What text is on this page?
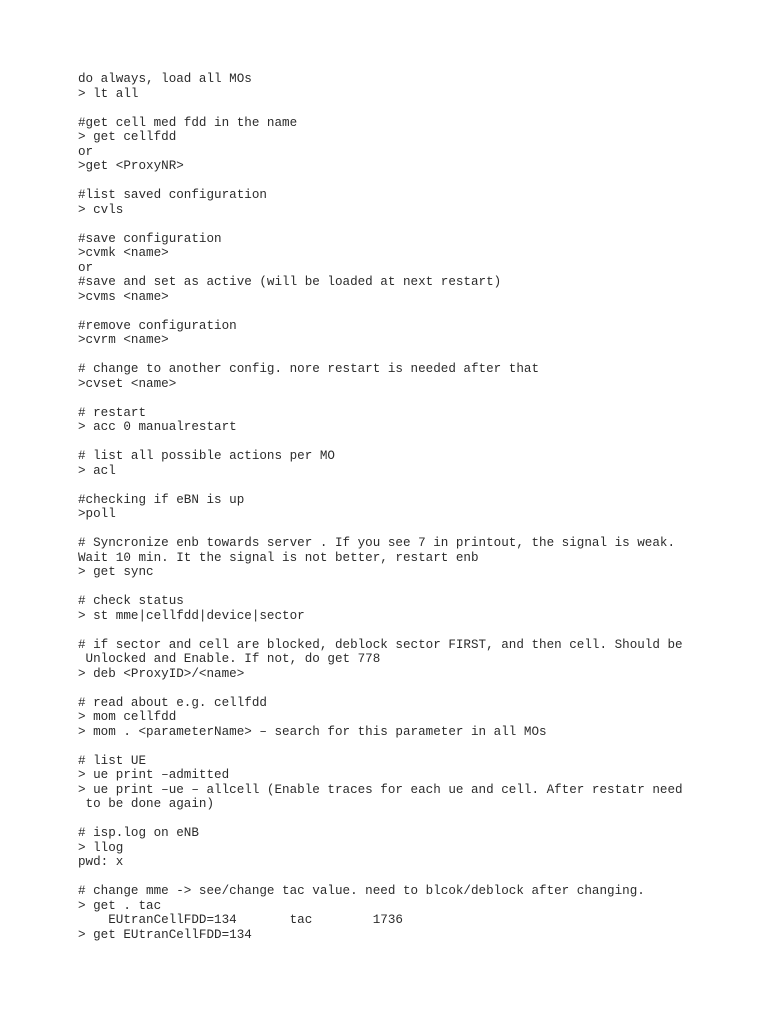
do always, load all MOs
> lt all
#get cell med fdd in the name
> get cellfdd
or
>get <ProxyNR>
#list saved configuration
> cvls
#save configuration
>cvmk <name>
or
#save and set as active (will be loaded at next restart)
>cvms <name>
#remove configuration
>cvrm <name>
# change to another config. nore restart is needed after that
>cvset <name>
# restart
> acc 0 manualrestart
# list all possible actions per MO
> acl
#checking if eBN is up
>poll
# Syncronize enb towards server . If you see 7 in printout, the signal is weak.
Wait 10 min. It the signal is not better, restart enb
> get sync
# check status
> st mme|cellfdd|device|sector
# if sector and cell are blocked, deblock sector FIRST, and then cell. Should be
Unlocked and Enable. If not, do get 778
> deb <ProxyID>/<name>
# read about e.g. cellfdd
> mom cellfdd
> mom . <parameterName> – search for this parameter in all MOs
# list UE
> ue print –admitted
> ue print –ue – allcell (Enable traces for each ue and cell. After restatr need
to be done again)
# isp.log on eNB
> llog
pwd: x
# change mme -> see/change tac value. need to blcok/deblock after changing.
> get . tac
EUtranCellFDD=134       tac        1736
> get EUtranCellFDD=134
